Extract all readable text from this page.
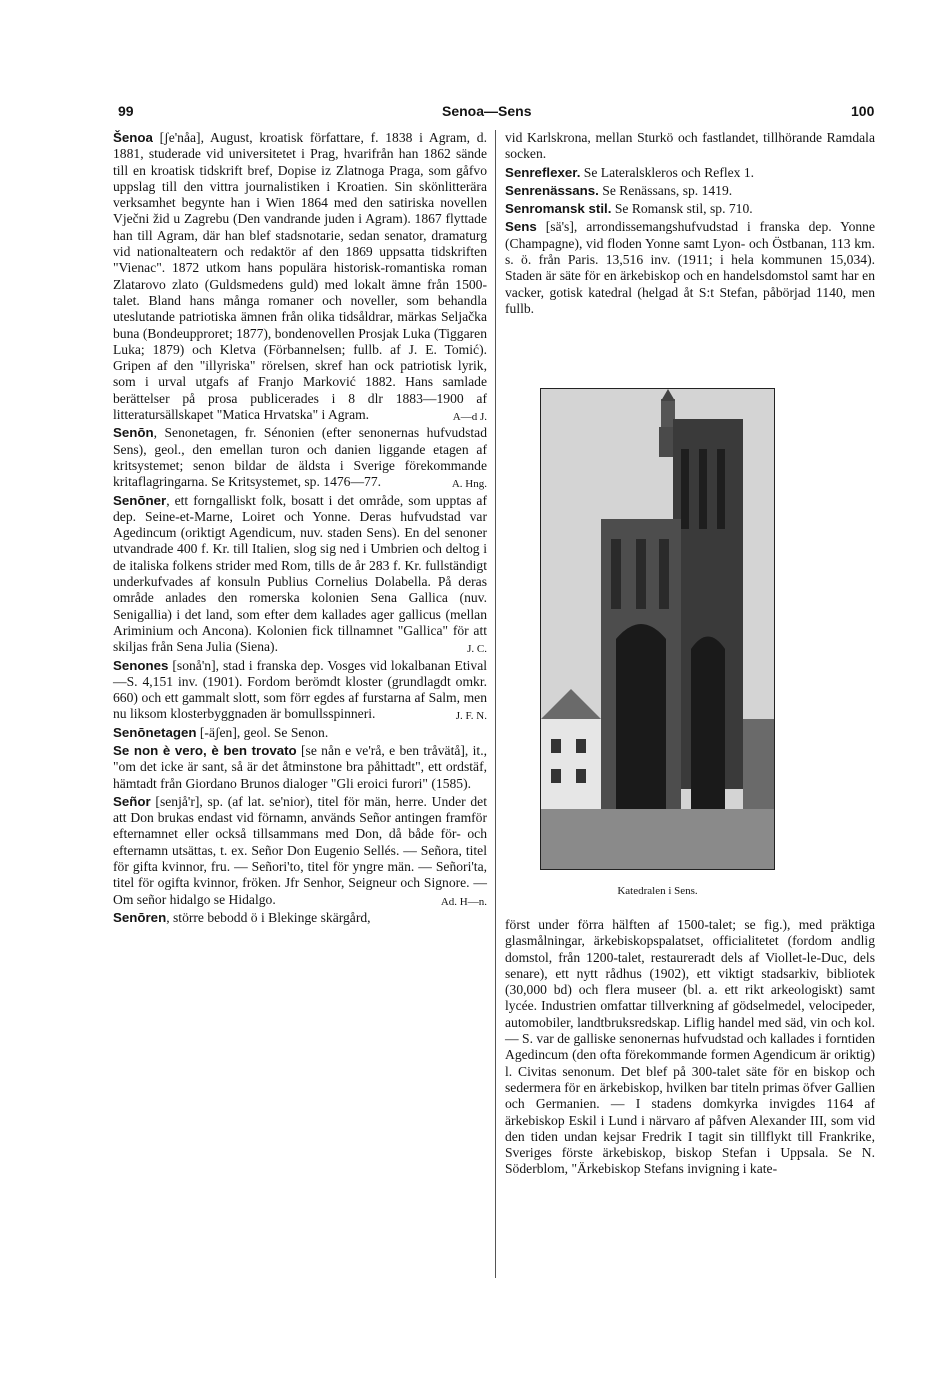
99	Senoa—Sens	100

Šenoa [ʃe'nåa], August, kroatisk författare, f. 1838 i Agram, d. 1881, studerade vid universitetet i Prag, hvarifrån han 1862 sände till en kroatisk tidskrift bref, Dopise iz Zlatnoga Praga, som gåfvo uppslag till den vittra journalistiken i Kroatien. Sin skönlitterära verksamhet begynte han i Wien 1864 med den satiriska novellen Vječni žid u Zagrebu (Den vandrande juden i Agram). 1867 flyttade han till Agram, där han blef stadsnotarie, sedan senator, dramaturg vid nationalteatern och redaktör af den 1869 uppsatta tidskriften "Vienac". 1872 utkom hans populära historisk-romantiska roman Zlatarovo zlato (Guldsmedens guld) med lokalt ämne från 1500-talet. Bland hans många romaner och noveller, som behandla uteslutande patriotiska ämnen från olika tidsåldrar, märkas Seljačka buna (Bondeupproret; 1877), bondenovellen Prosjak Luka (Tiggaren Luka; 1879) och Kletva (Förbannelsen; fullb. af J. E. Tomić). Gripen af den "illyriska" rörelsen, skref han ock patriotisk lyrik, som i urval utgafs af Franjo Marković 1882. Hans samlade berättelser på prosa publicerades i 8 dlr 1883—1900 af litteratursällskapet "Matica Hrvatska" i Agram.	A—d J.

Senōn, Senonetagen, fr. Sénonien (efter senonernas hufvudstad Sens), geol., den emellan turon och danien liggande etagen af kritsystemet; senon bildar de äldsta i Sverige förekommande kritaflagringarna. Se Kritsystemet, sp. 1476—77.	A. Hng.

Senōner, ett forngalliskt folk, bosatt i det område, som upptas af dep. Seine-et-Marne, Loiret och Yonne. Deras hufvudstad var Agedincum (oriktigt Agendicum, nuv. staden Sens). En del senoner utvandrade 400 f. Kr. till Italien, slog sig ned i Umbrien och deltog i de italiska folkens strider med Rom, tills de år 283 f. Kr. fullständigt underkufvades af konsuln Publius Cornelius Dolabella. På deras område anlades den romerska kolonien Sena Gallica (nuv. Senigallia) i det land, som efter dem kallades ager gallicus (mellan Ariminium och Ancona). Kolonien fick tillnamnet "Gallica" för att skiljas från Sena Julia (Siena).	J. C.

Senones [sonå'n], stad i franska dep. Vosges vid lokalbanan Etival—S. 4,151 inv. (1901). Fordom berömdt kloster (grundlagdt omkr. 660) och ett gammalt slott, som förr egdes af furstarna af Salm, men nu liksom klosterbyggnaden är bomullsspinneri.	J. F. N.

Senōnetagen [-äʃen], geol. Se Senon.

Se non è vero, è ben trovato [se nån e ve'rå, e ben tråvätå], it., "om det icke är sant, så är det åtminstone bra påhittadt", ett ordstäf, hämtadt från Giordano Brunos dialoger "Gli eroici furori" (1585).

Señor [senjå'r], sp. (af lat. se'nior), titel för män, herre. Under det att Don brukas endast vid förnamn, används Señor antingen framför efternamnet eller också tillsammans med Don, då både för- och efternamn utsättas, t. ex. Señor Don Eugenio Sellés. — Señora, titel för gifta kvinnor, fru. — Señori'to, titel för yngre män. — Señori'ta, titel för ogifta kvinnor, fröken. Jfr Senhor, Seigneur och Signore. — Om señor hidalgo se Hidalgo.	Ad. H—n.

Senōren, större bebodd ö i Blekinge skärgård,

vid Karlskrona, mellan Sturkö och fastlandet, tillhörande Ramdala socken.

Senreflexer. Se Lateralskleros och Reflex 1.

Senrenässans. Se Renässans, sp. 1419.

Senromansk stil. Se Romansk stil, sp. 710.

Sens [sä's], arrondissemangshufvudstad i franska dep. Yonne (Champagne), vid floden Yonne samt Lyon- och Östbanan, 113 km. s. ö. från Paris. 13,516 inv. (1911; i hela kommunen 15,034). Staden är säte för en ärkebiskop och en handelsdomstol samt har en vacker, gotisk katedral (helgad åt S:t Stefan, påbörjad 1140, men fullb.

Katedralen i Sens.

först under förra hälften af 1500-talet; se fig.), med präktiga glasmålningar, ärkebiskopspalatset, officialitetet (fordom andlig domstol, från 1200-talet, restaureradt dels af Viollet-le-Duc, dels senare), ett nytt rådhus (1902), ett viktigt stadsarkiv, bibliotek (30,000 bd) och flera museer (bl. a. ett rikt arkeologiskt) samt lycée. Industrien omfattar tillverkning af gödselmedel, velocipeder, automobiler, landtbruksredskap. Liflig handel med säd, vin och kol. — S. var de galliske senonernas hufvudstad och kallades i forntiden Agedincum (den ofta förekommande formen Agendicum är oriktig) l. Civitas senonum. Det blef på 300-talet säte för en biskop och sedermera för en ärkebiskop, hvilken bar titeln primas öfver Gallien och Germanien. — I stadens domkyrka invigdes 1164 af ärkebiskop Eskil i Lund i närvaro af påfven Alexander III, som vid den tiden undan kejsar Fredrik I tagit sin tillflykt till Frankrike, Sveriges förste ärkebiskop, biskop Stefan i Uppsala. Se N. Söderblom, "Ärkebiskop Stefans invigning i kate-
